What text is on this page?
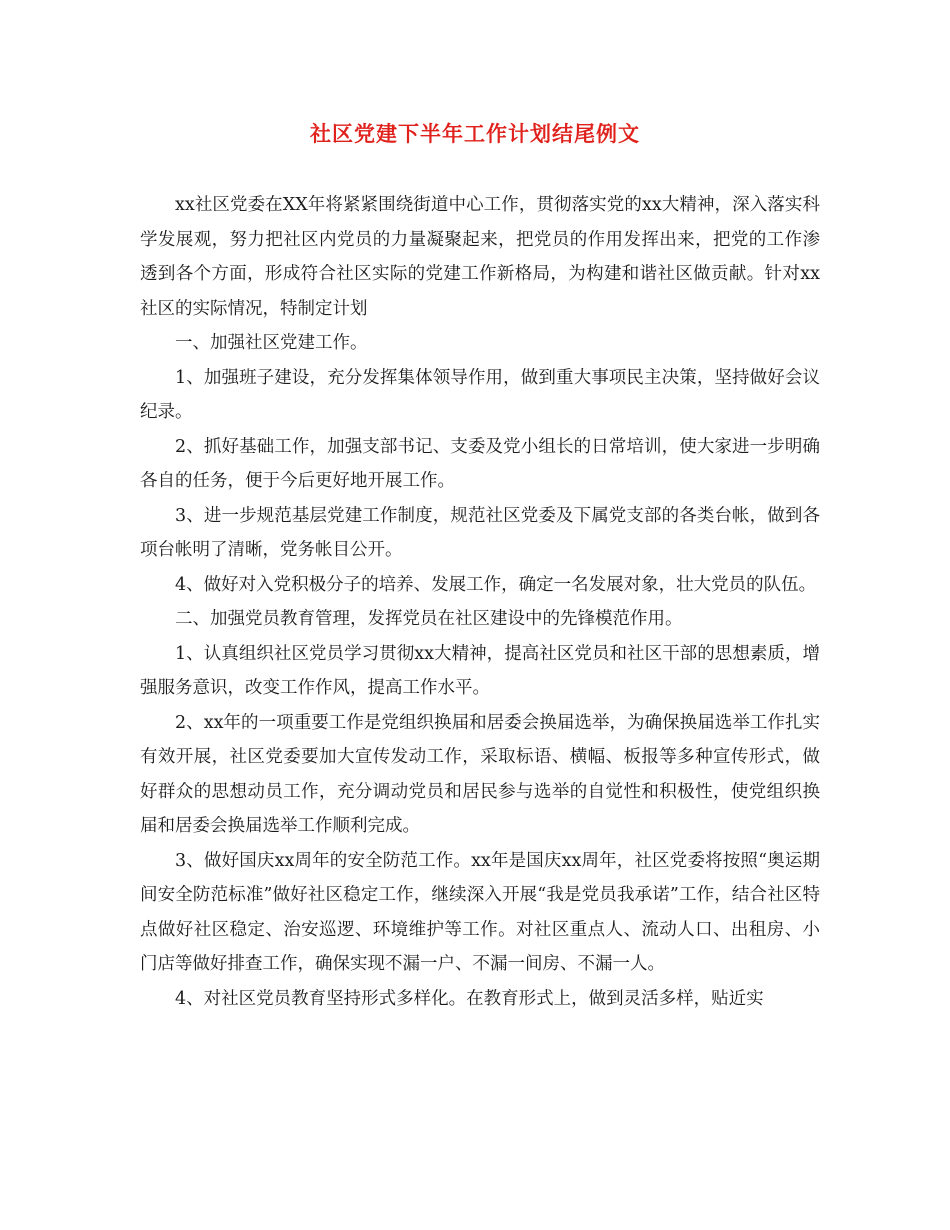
社区党建下半年工作计划结尾例文

xx社区党委在XX年将紧紧围绕街道中心工作，贯彻落实党的xx大精神，深入落实科学发展观，努力把社区内党员的力量凝聚起来，把党员的作用发挥出来，把党的工作渗透到各个方面，形成符合社区实际的党建工作新格局，为构建和谐社区做贡献。针对xx社区的实际情况，特制定计划

一、加强社区党建工作。

1、加强班子建设，充分发挥集体领导作用，做到重大事项民主决策，坚持做好会议纪录。

2、抓好基础工作，加强支部书记、支委及党小组长的日常培训，使大家进一步明确各自的任务，便于今后更好地开展工作。

3、进一步规范基层党建工作制度，规范社区党委及下属党支部的各类台帐，做到各项台帐明了清晰，党务帐目公开。

4、做好对入党积极分子的培养、发展工作，确定一名发展对象，壮大党员的队伍。

二、加强党员教育管理，发挥党员在社区建设中的先锋模范作用。

1、认真组织社区党员学习贯彻xx大精神，提高社区党员和社区干部的思想素质，增强服务意识，改变工作作风，提高工作水平。

2、xx年的一项重要工作是党组织换届和居委会换届选举，为确保换届选举工作扎实有效开展，社区党委要加大宣传发动工作，采取标语、横幅、板报等多种宣传形式，做好群众的思想动员工作，充分调动党员和居民参与选举的自觉性和积极性，使党组织换届和居委会换届选举工作顺利完成。

3、做好国庆xx周年的安全防范工作。xx年是国庆xx周年，社区党委将按照“奥运期间安全防范标准”做好社区稳定工作，继续深入开展“我是党员我承诺”工作，结合社区特点做好社区稳定、治安巡逻、环境维护等工作。对社区重点人、流动人口、出租房、小门店等做好排查工作，确保实现不漏一户、不漏一间房、不漏一人。

4、对社区党员教育坚持形式多样化。在教育形式上，做到灵活多样，贴近实
